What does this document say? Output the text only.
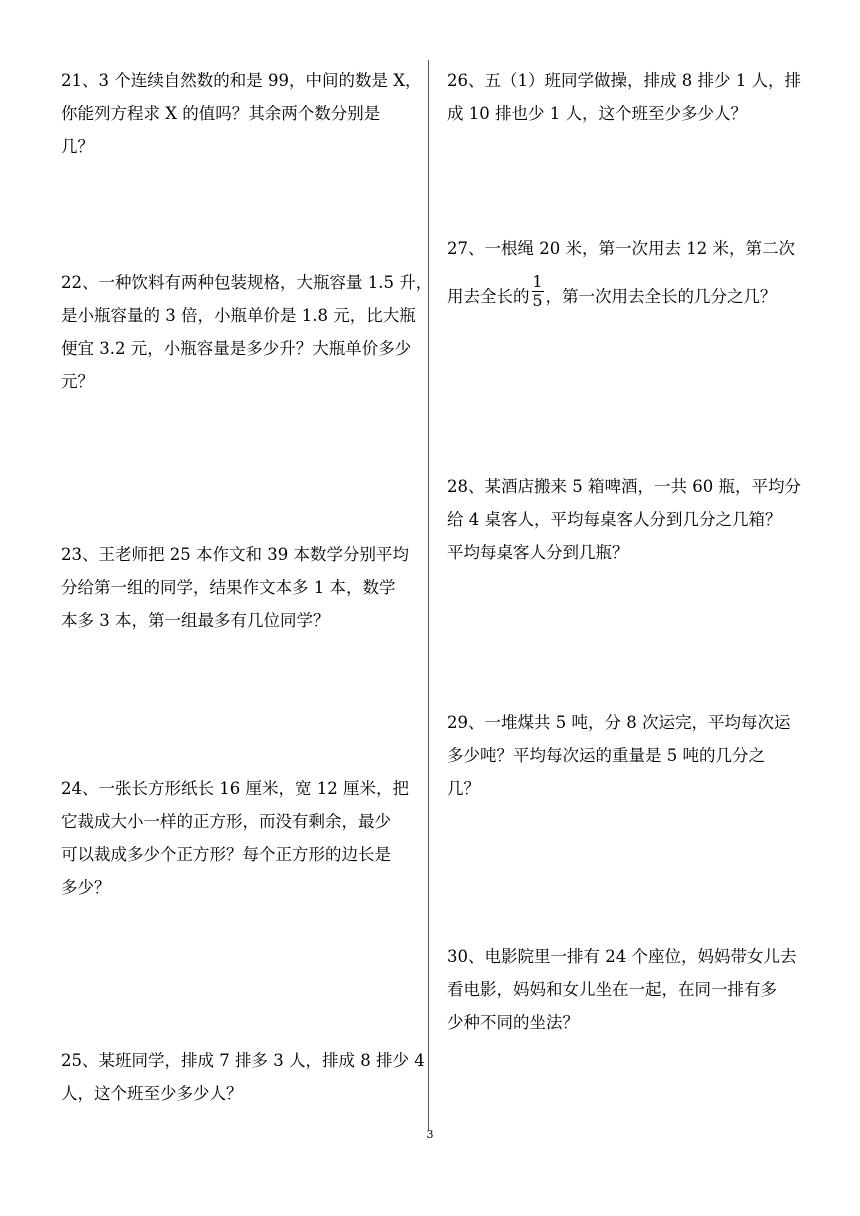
21、3 个连续自然数的和是 99，中间的数是 X，
你能列方程求 X 的值吗？其余两个数分别是
几？
22、一种饮料有两种包装规格，大瓶容量 1.5 升，
是小瓶容量的 3 倍，小瓶单价是 1.8 元，比大瓶
便宜 3.2 元，小瓶容量是多少升？大瓶单价多少
元？
23、王老师把 25 本作文和 39 本数学分别平均
分给第一组的同学，结果作文本多 1 本，数学
本多 3 本，第一组最多有几位同学？
24、一张长方形纸长 16 厘米，宽 12 厘米，把
它裁成大小一样的正方形，而没有剩余，最少
可以裁成多少个正方形？每个正方形的边长是
多少？
25、某班同学，排成 7 排多 3 人，排成 8 排少 4
人，这个班至少多少人？
26、五（1）班同学做操，排成 8 排少 1 人，排
成 10 排也少 1 人，这个班至少多少人？
27、一根绳 20 米，第一次用去 12 米，第二次
用去全长的 $\frac{1}{5}$ ，第一次用去全长的几分之几？
28、某酒店搬来 5 箱啤酒，一共 60 瓶，平均分
给 4 桌客人，平均每桌客人分到几分之几箱？
平均每桌客人分到几瓶？
29、一堆煤共 5 吨，分 8 次运完，平均每次运
多少吨？平均每次运的重量是 5 吨的几分之
几？
30、电影院里一排有 24 个座位，妈妈带女儿去
看电影，妈妈和女儿坐在一起，在同一排有多
少种不同的坐法？
3
